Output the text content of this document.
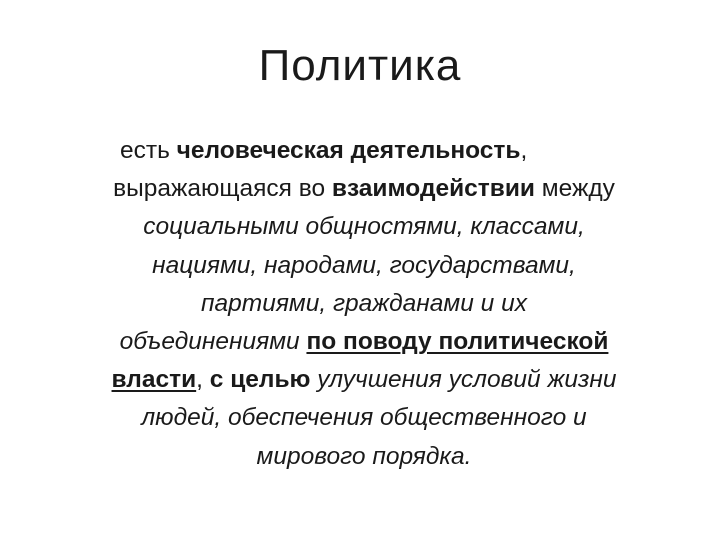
Политика
есть человеческая деятельность,
выражающаяся во взаимодействии между
социальными общностями, классами,
нациями, народами, государствами,
партиями, гражданами и их
объединениями по поводу политической
власти, с целью улучшения условий жизни
людей, обеспечения общественного и
мирового порядка.
